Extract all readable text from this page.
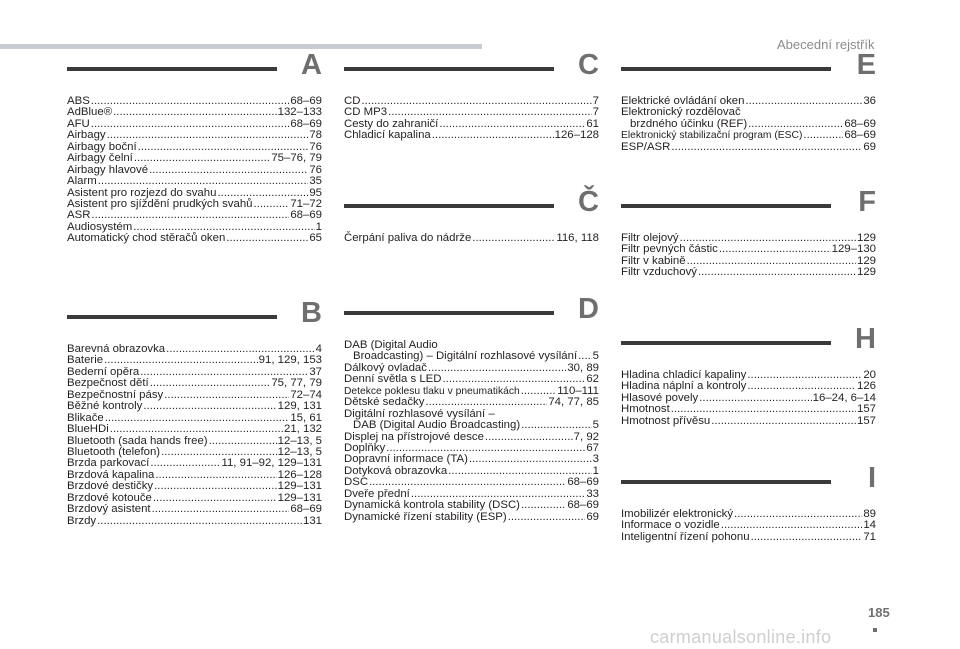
Abecední rejstřík
A
ABS .....	68–69
AdBlue® .....	132–133
AFU .....	68–69
Airbagy .....	78
Airbagy boční .....	76
Airbagy čelní .....	75–76, 79
Airbagy hlavové .....	76
Alarm .....	35
Asistent pro rozjezd do svahu .....	95
Asistent pro sjíždění prudkých svahů .....	71–72
ASR .....	68–69
Audiosystém .....	1
Automatický chod stěračů oken .....	65
B
Barevná obrazovka .....	4
Baterie .....	91, 129, 153
Bederní opěra .....	37
Bezpečnost dětí .....	75, 77, 79
Bezpečnostní pásy .....	72–74
Běžné kontroly .....	129, 131
Blikače .....	15, 61
BlueHDi .....	21, 132
Bluetooth (sada hands free) .....	12–13, 5
Bluetooth (telefon) .....	12–13, 5
Brzda parkovací .....	11, 91–92, 129–131
Brzdová kapalina .....	126–128
Brzdové destičky .....	129–131
Brzdové kotouče .....	129–131
Brzdový asistent .....	68–69
Brzdy .....	131
C
CD .....	7
CD MP3 .....	7
Cesty do zahraničí .....	61
Chladicí kapalina .....	126–128
Č
Čerpání paliva do nádrže .....	116, 118
D
DAB (Digital Audio
Broadcasting) – Digitální rozhlasové vysílání ..... 5
Dálkový ovladač .....	30, 89
Denní světla s LED .....	62
Detekce poklesu tlaku v pneumatikách .....	110–111
Dětské sedačky .....	74, 77, 85
Digitální rozhlasové vysílání –
DAB (Digital Audio Broadcasting) .....	5
Displej na přístrojové desce .....	7, 92
Doplňky .....	67
Dopravní informace (TA) .....	3
Dotyková obrazovka .....	1
DSC .....	68–69
Dveře přední .....	33
Dynamická kontrola stability (DSC) .....	68–69
Dynamické řízení stability (ESP) .....	69
E
Elektrické ovládání oken .....	36
Elektronický rozdělovač
brzdného účinku (REF) .....	68–69
Elektronický stabilizační program (ESC) .....	68–69
ESP/ASR .....	69
F
Filtr olejový .....	129
Filtr pevných částic .....	129–130
Filtr v kabině .....	129
Filtr vzduchový .....	129
H
Hladina chladicí kapaliny .....	20
Hladina náplní a kontroly .....	126
Hlasové povely .....	16–24, 6–14
Hmotnost .....	157
Hmotnost přívěsu .....	157
I
Imobilizér elektronický .....	89
Informace o vozidle .....	14
Inteligentní řízení pohonu .....	71
185
carmanualsonline.info
